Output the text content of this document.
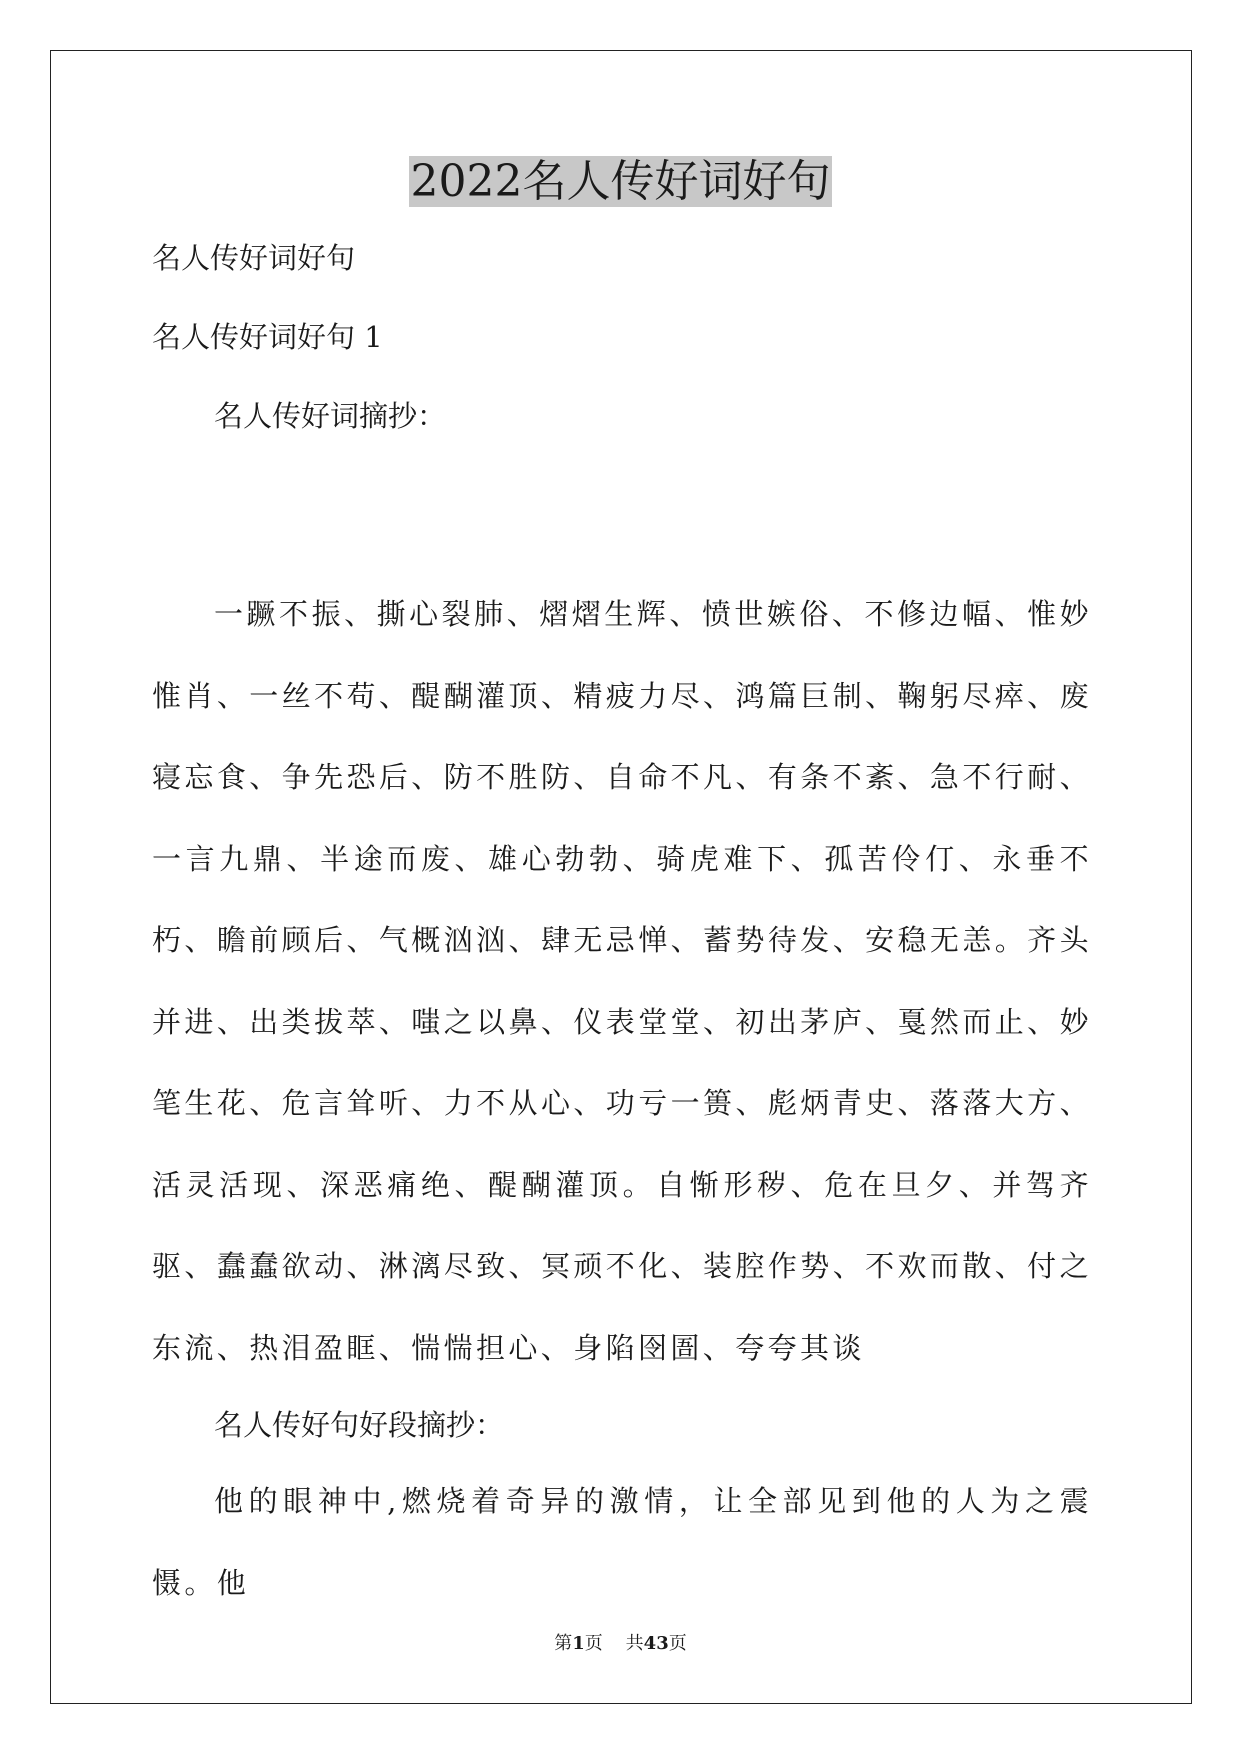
2022名人传好词好句

名人传好词好句

名人传好词好句 1

名人传好词摘抄：

一蹶不振、撕心裂肺、熠熠生辉、愤世嫉俗、不修边幅、惟妙惟肖、一丝不苟、醍醐灌顶、精疲力尽、鸿篇巨制、鞠躬尽瘁、废寝忘食、争先恐后、防不胜防、自命不凡、有条不紊、急不行耐、一言九鼎、半途而废、雄心勃勃、骑虎难下、孤苦伶仃、永垂不朽、瞻前顾后、气概汹汹、肆无忌惮、蓄势待发、安稳无恙。齐头并进、出类拔萃、嗤之以鼻、仪表堂堂、初出茅庐、戛然而止、妙笔生花、危言耸听、力不从心、功亏一篑、彪炳青史、落落大方、活灵活现、深恶痛绝、醍醐灌顶。自惭形秽、危在旦夕、并驾齐驱、蠢蠢欲动、淋漓尽致、冥顽不化、装腔作势、不欢而散、付之东流、热泪盈眶、惴惴担心、身陷囹圄、夸夸其谈

名人传好句好段摘抄：

他的眼神中,燃烧着奇异的激情，让全部见到他的人为之震慑。他

第1页 共43页
